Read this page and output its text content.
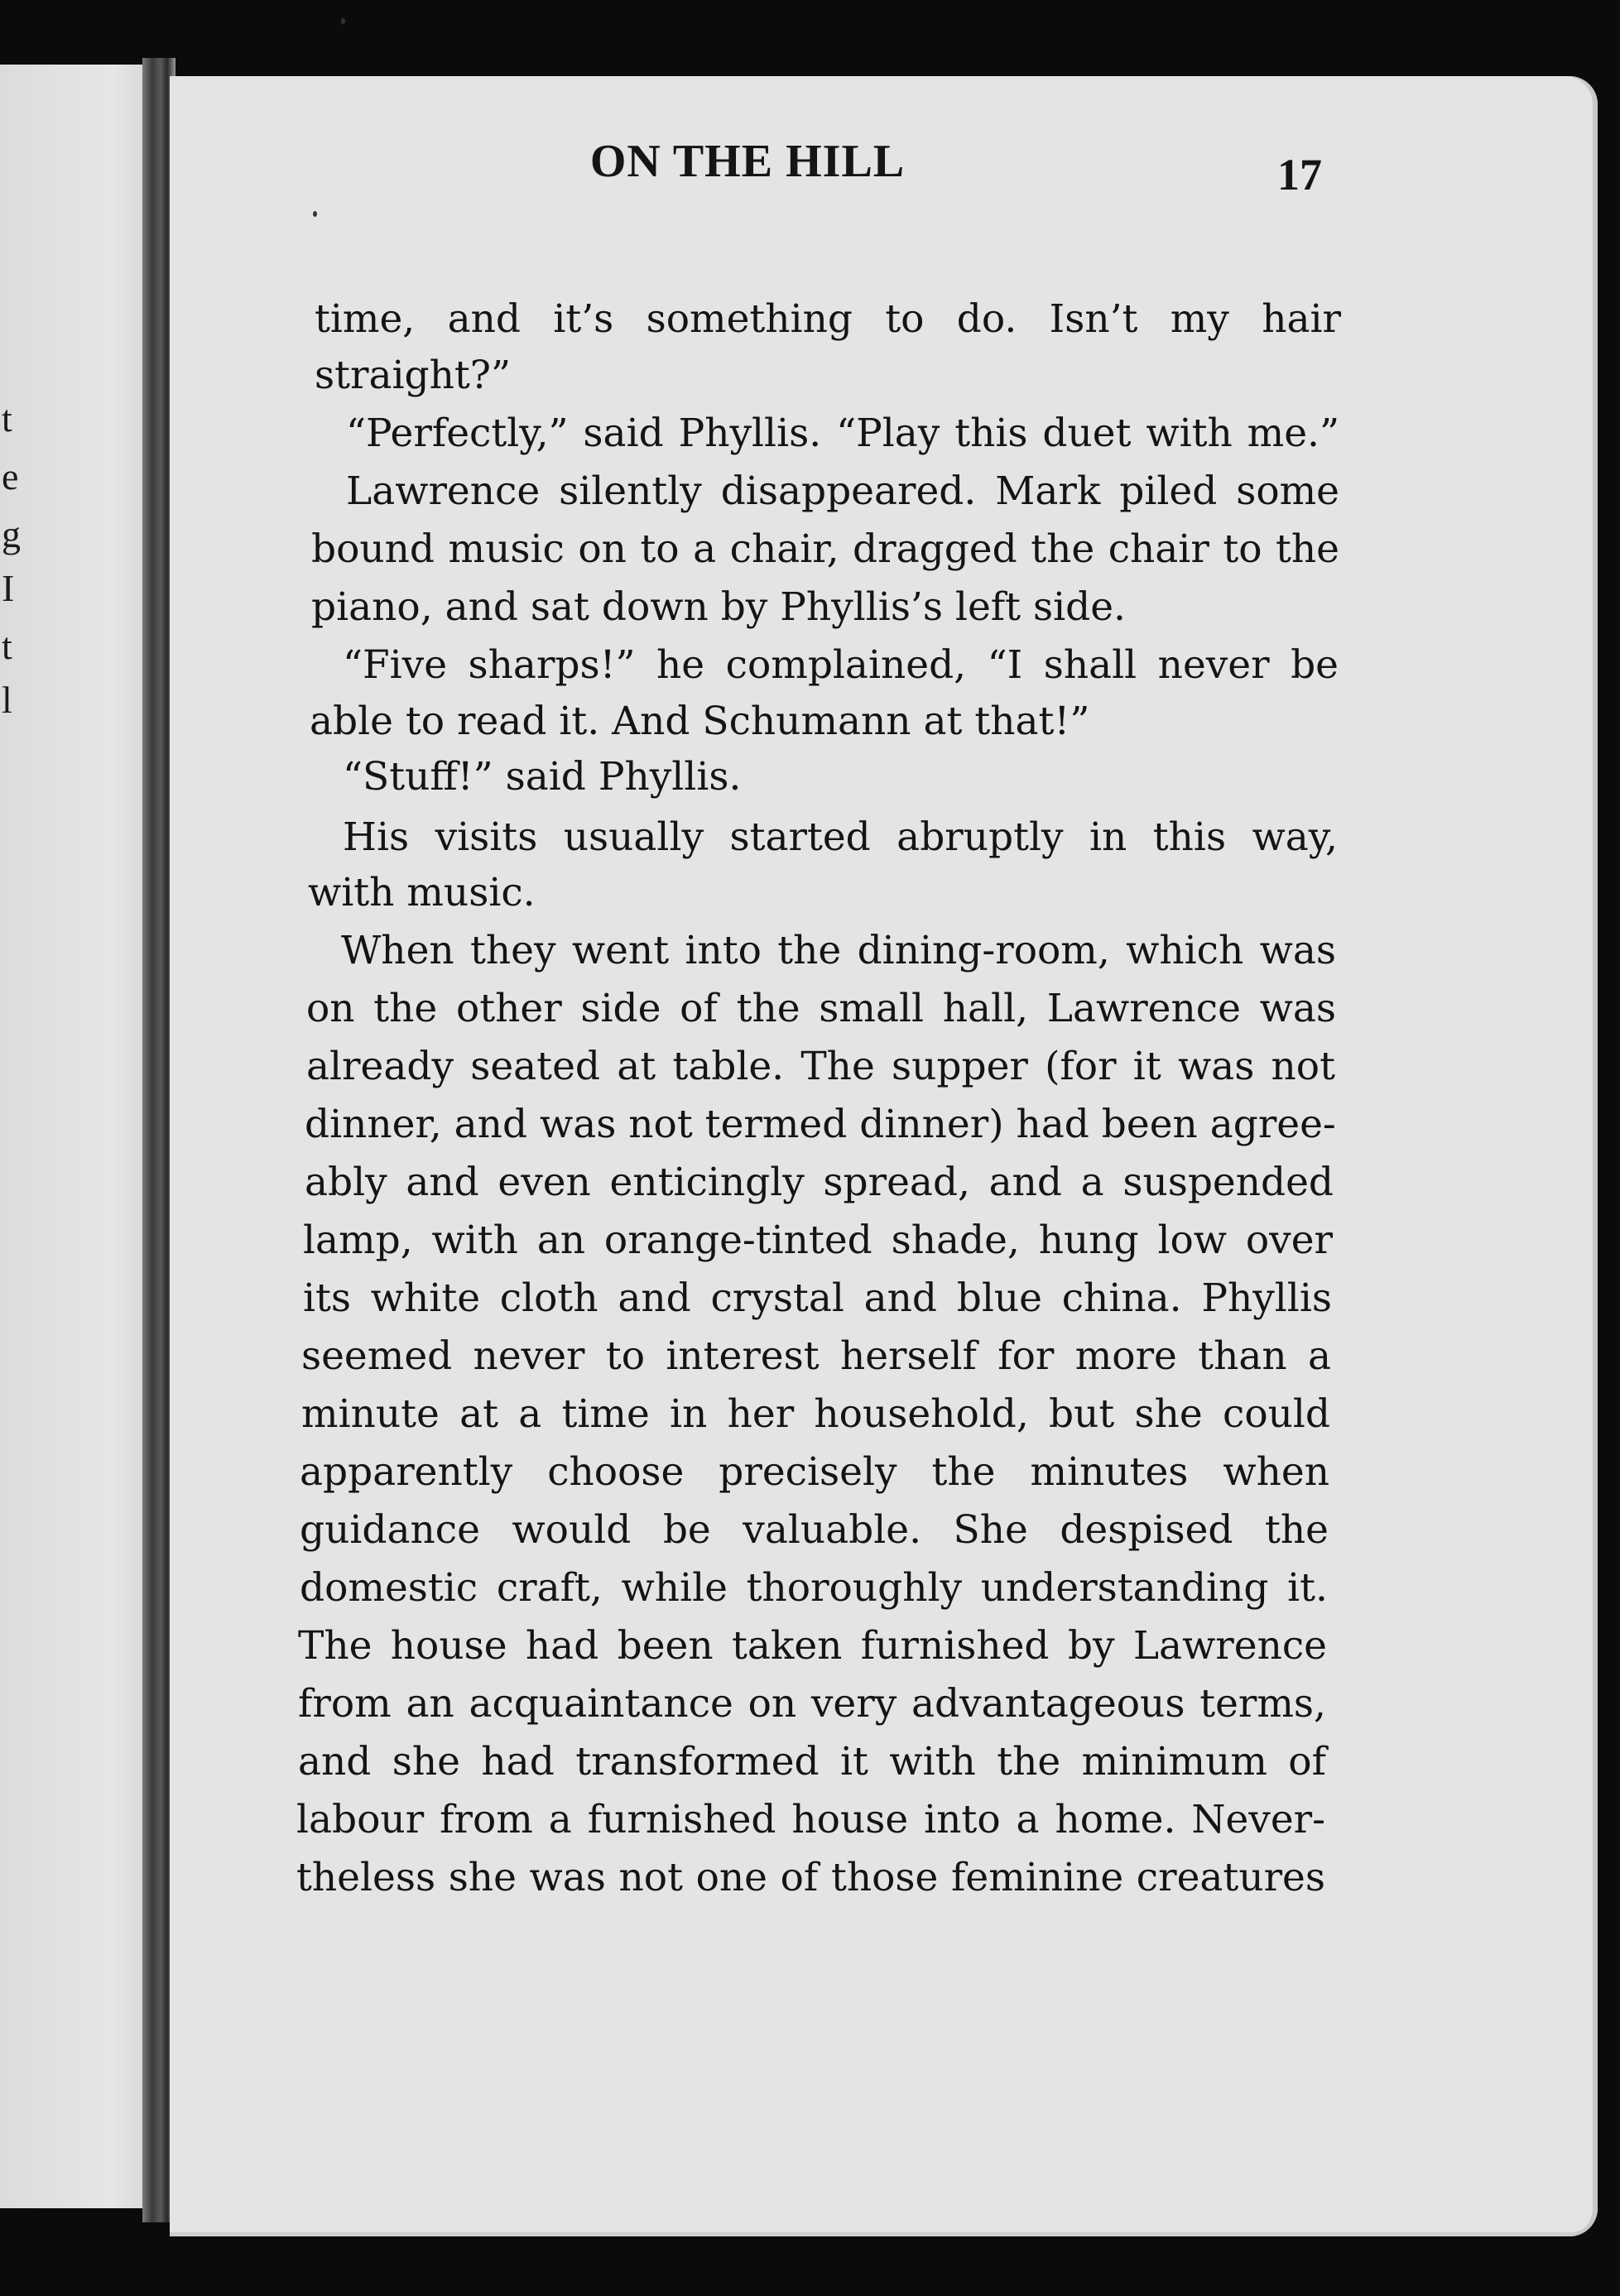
t
e
g
I
t
l
ON THE HILL	17
time, and it’s something to do. Isn’t my hair
straight?”
“Perfectly,” said Phyllis. “Play this duet with me.”
Lawrence silently disappeared. Mark piled some
bound music on to a chair, dragged the chair to the
piano, and sat down by Phyllis’s left side.
“Five sharps!” he complained, “I shall never be
able to read it. And Schumann at that!”
“Stuff!” said Phyllis.
His visits usually started abruptly in this way,
with music.
When they went into the dining-room, which was
on the other side of the small hall, Lawrence was
already seated at table. The supper (for it was not
dinner, and was not termed dinner) had been agree-
ably and even enticingly spread, and a suspended
lamp, with an orange-tinted shade, hung low over
its white cloth and crystal and blue china. Phyllis
seemed never to interest herself for more than a
minute at a time in her household, but she could
apparently choose precisely the minutes when
guidance would be valuable. She despised the
domestic craft, while thoroughly understanding it.
The house had been taken furnished by Lawrence
from an acquaintance on very advantageous terms,
and she had transformed it with the minimum of
labour from a furnished house into a home. Never-
theless she was not one of those feminine creatures
